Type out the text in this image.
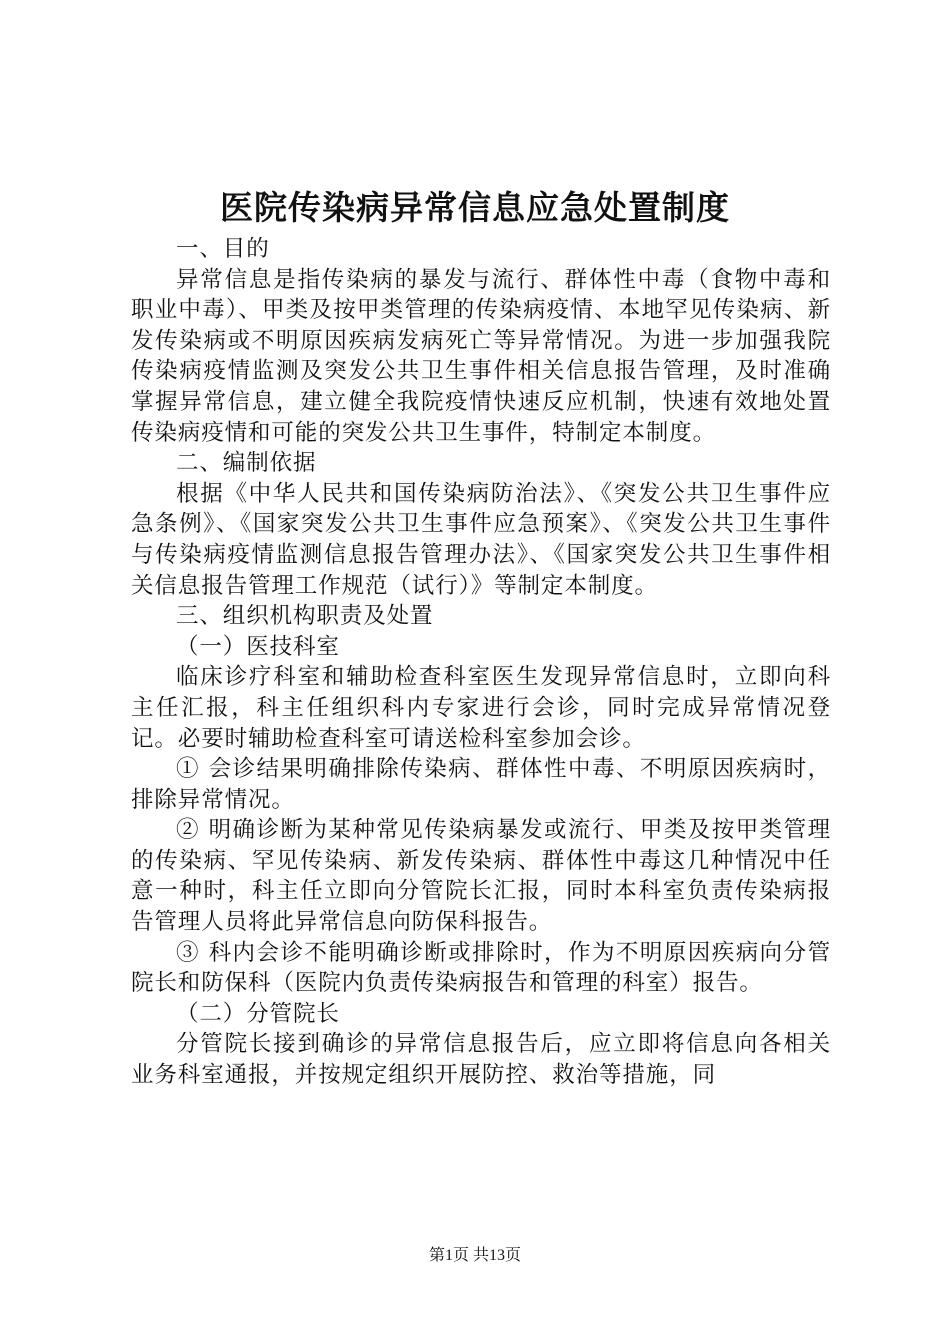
医院传染病异常信息应急处置制度

一、目的

异常信息是指传染病的暴发与流行、群体性中毒（食物中毒和职业中毒）、甲类及按甲类管理的传染病疫情、本地罕见传染病、新发传染病或不明原因疾病发病死亡等异常情况。为进一步加强我院传染病疫情监测及突发公共卫生事件相关信息报告管理，及时准确掌握异常信息，建立健全我院疫情快速反应机制，快速有效地处置传染病疫情和可能的突发公共卫生事件，特制定本制度。

二、编制依据

根据《中华人民共和国传染病防治法》、《突发公共卫生事件应急条例》、《国家突发公共卫生事件应急预案》、《突发公共卫生事件与传染病疫情监测信息报告管理办法》、《国家突发公共卫生事件相关信息报告管理工作规范（试行）》等制定本制度。

三、组织机构职责及处置

（一）医技科室

临床诊疗科室和辅助检查科室医生发现异常信息时，立即向科主任汇报，科主任组织科内专家进行会诊，同时完成异常情况登记。必要时辅助检查科室可请送检科室参加会诊。

① 会诊结果明确排除传染病、群体性中毒、不明原因疾病时，排除异常情况。

② 明确诊断为某种常见传染病暴发或流行、甲类及按甲类管理的传染病、罕见传染病、新发传染病、群体性中毒这几种情况中任意一种时，科主任立即向分管院长汇报，同时本科室负责传染病报告管理人员将此异常信息向防保科报告。

③ 科内会诊不能明确诊断或排除时，作为不明原因疾病向分管院长和防保科（医院内负责传染病报告和管理的科室）报告。

（二）分管院长

分管院长接到确诊的异常信息报告后，应立即将信息向各相关业务科室通报，并按规定组织开展防控、救治等措施，同

第1页 共13页
